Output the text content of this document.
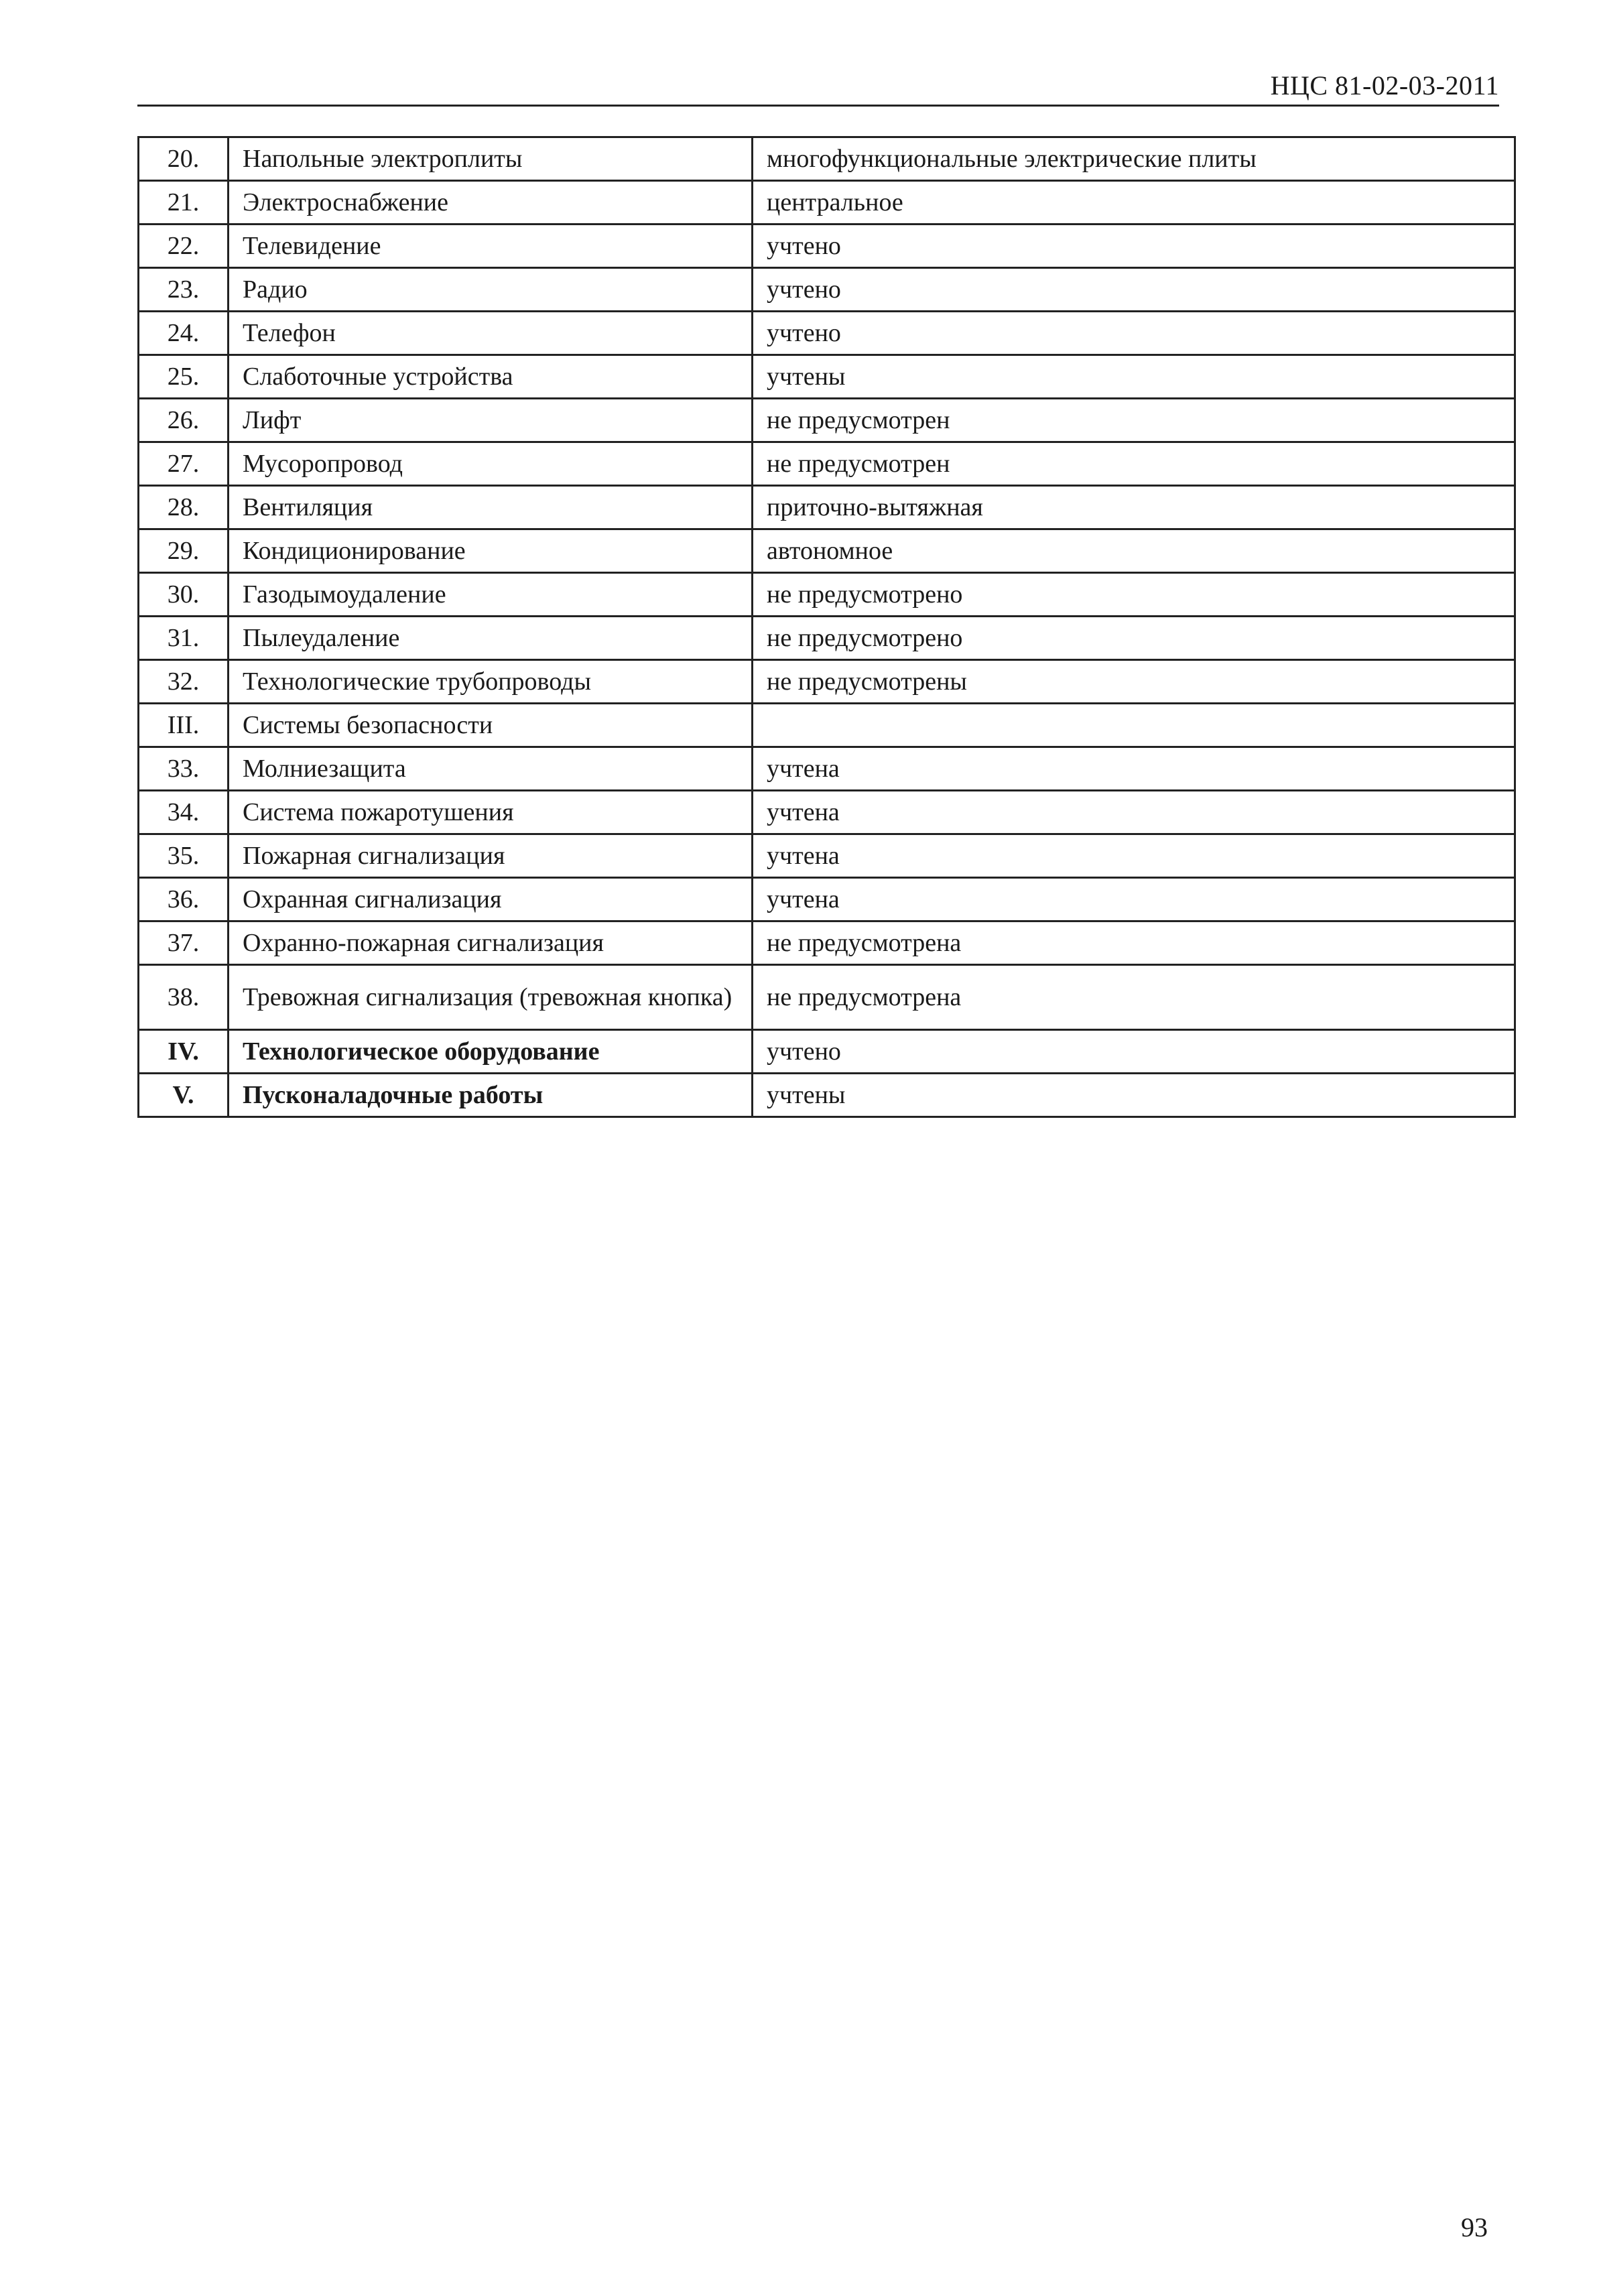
НЦС 81-02-03-2011
20.	Напольные электроплиты	многофункциональные электрические плиты
21.	Электроснабжение	центральное
22.	Телевидение	учтено
23.	Радио	учтено
24.	Телефон	учтено
25.	Слаботочные устройства	учтены
26.	Лифт	не предусмотрен
27.	Мусоропровод	не предусмотрен
28.	Вентиляция	приточно-вытяжная
29.	Кондиционирование	автономное
30.	Газодымоудаление	не предусмотрено
31.	Пылеудаление	не предусмотрено
32.	Технологические трубопроводы	не предусмотрены
III.	Системы безопасности	
33.	Молниезащита	учтена
34.	Система пожаротушения	учтена
35.	Пожарная сигнализация	учтена
36.	Охранная сигнализация	учтена
37.	Охранно-пожарная сигнализация	не предусмотрена
38.	Тревожная сигнализация (тревожная кнопка)	не предусмотрена
IV.	Технологическое оборудование	учтено
V.	Пусконаладочные работы	учтены
93
